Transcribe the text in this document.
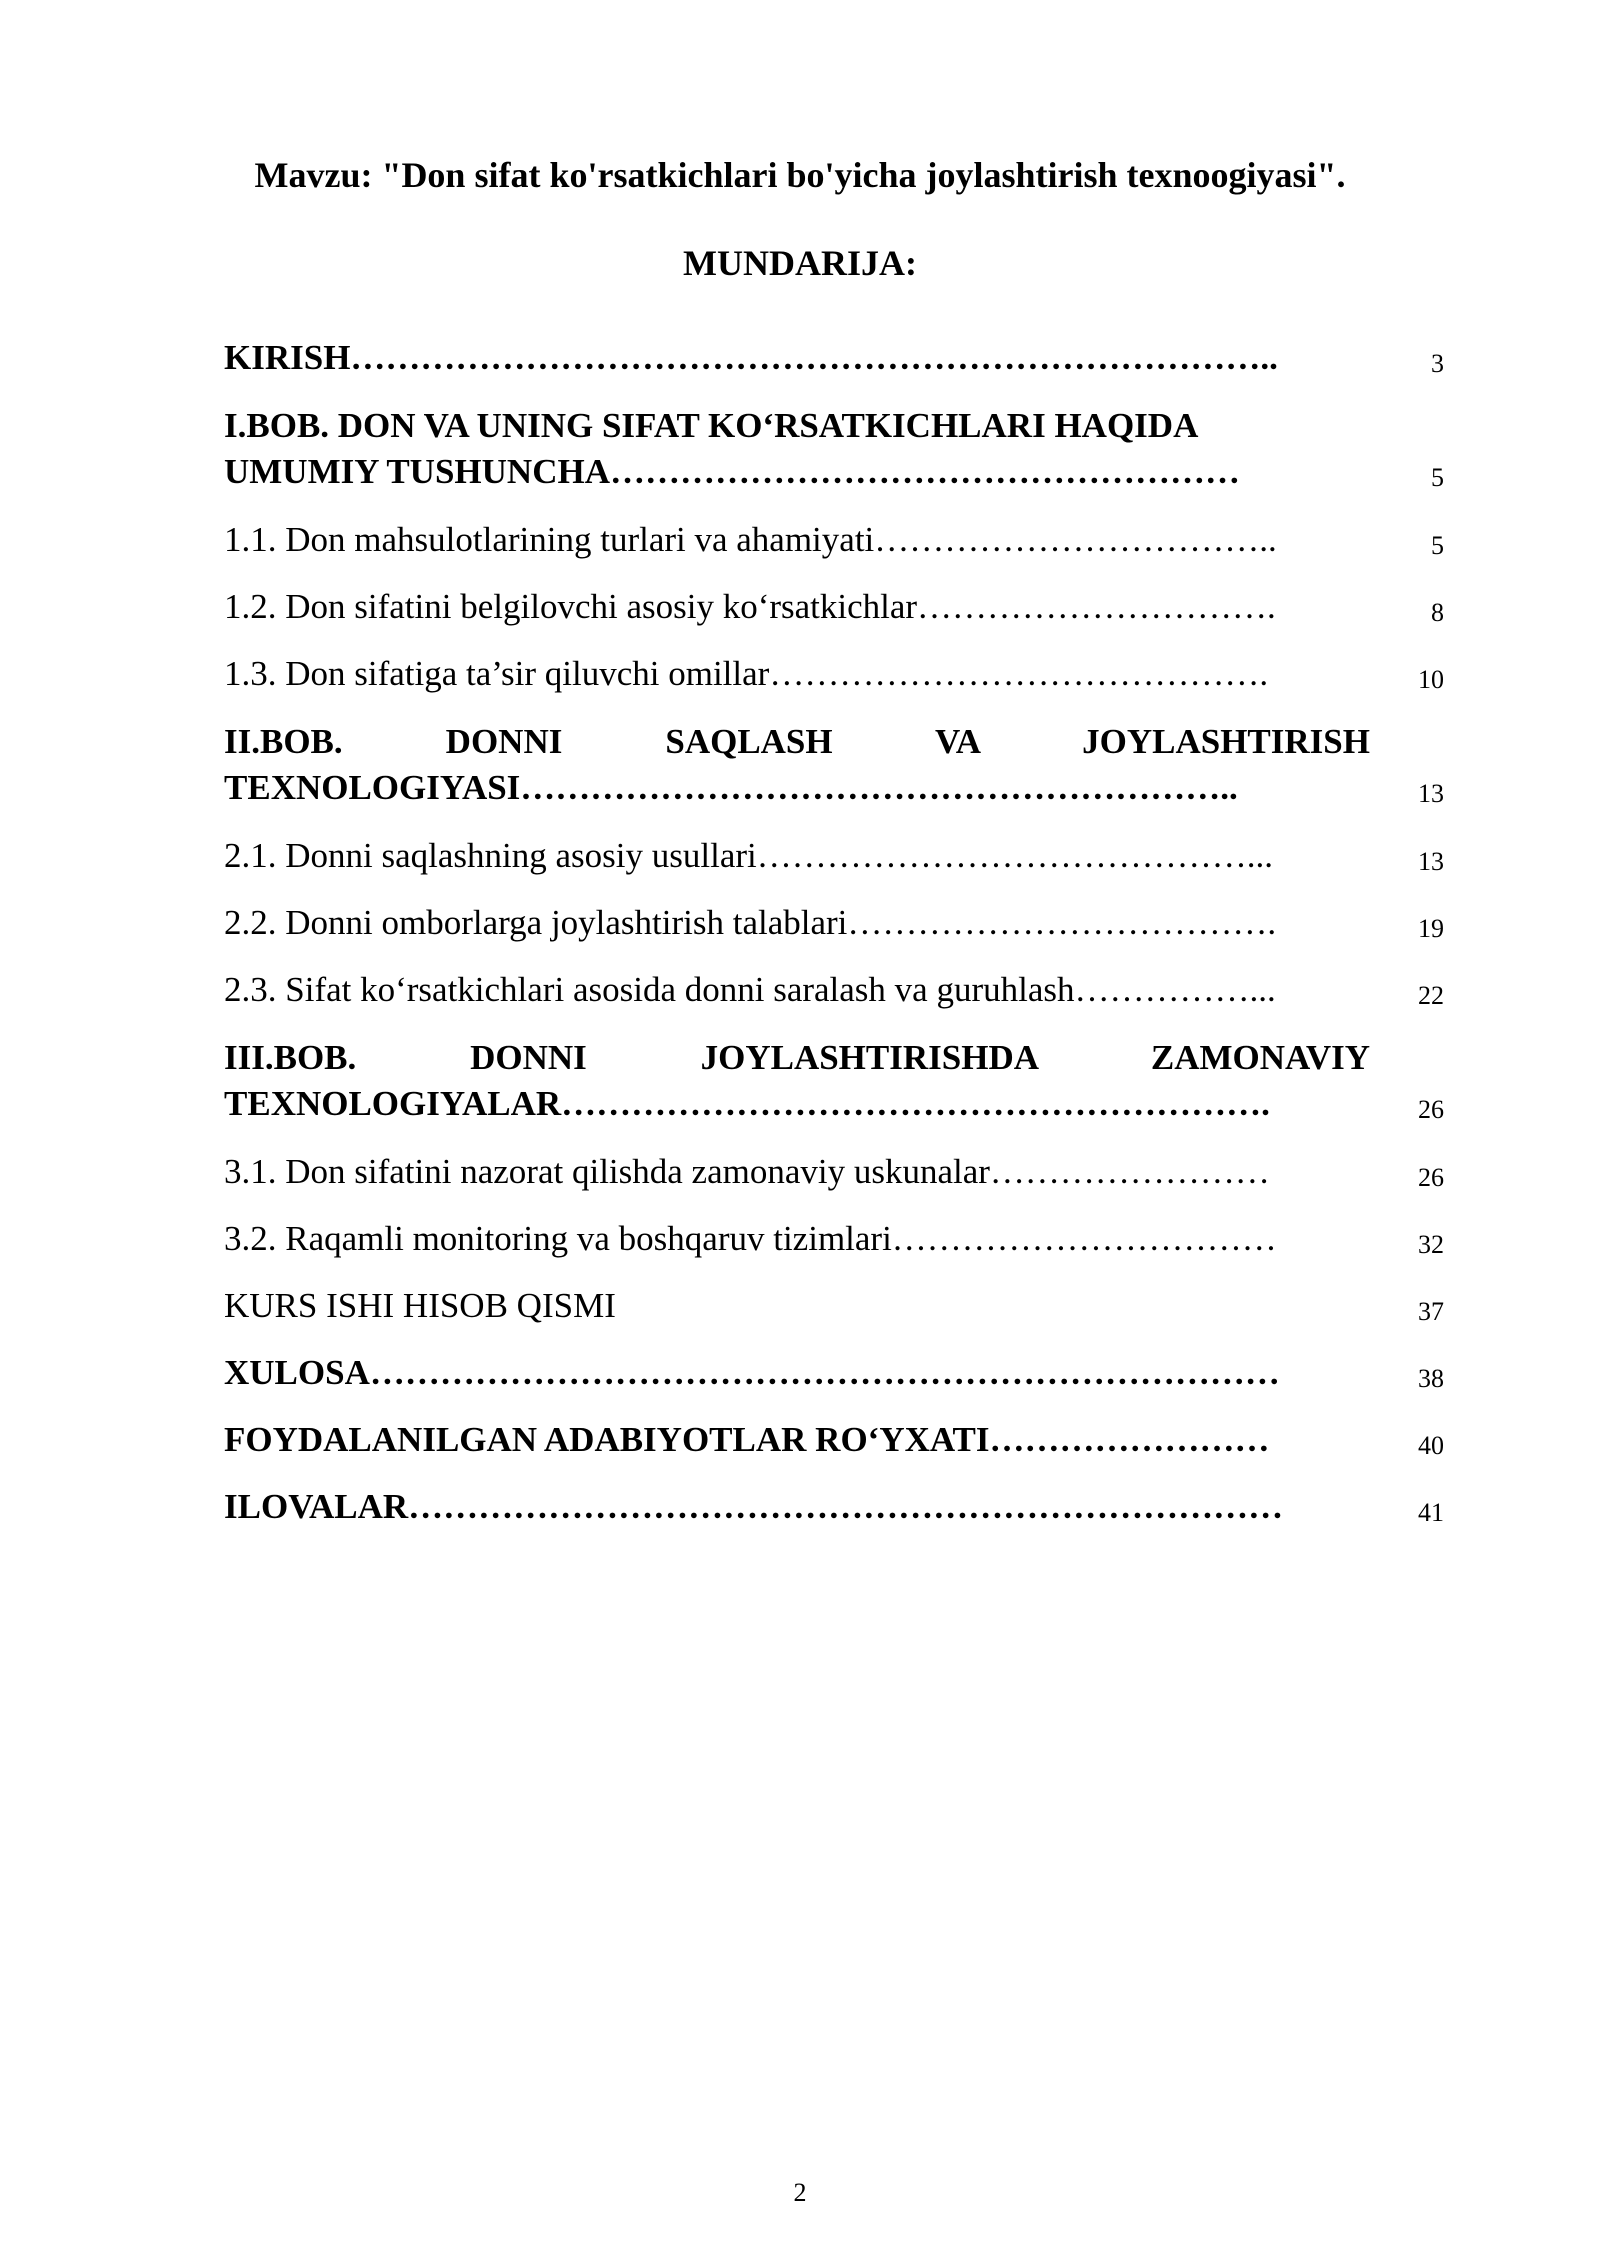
Mavzu: "Don sifat ko'rsatkichlari bo'yicha joylashtirish texnoogiyasi".
MUNDARIJA:
KIRISH……………………………………………………………………..	3
I.BOB. DON VA UNING SIFAT KO‘RSATKICHLARI HAQIDA
UMUMIY TUSHUNCHA………………………………………………	5
1.1. Don mahsulotlarining turlari va ahamiyati……………………………..	5
1.2. Don sifatini belgilovchi asosiy ko‘rsatkichlar………………………….	8
1.3. Don sifatiga ta’sir qiluvchi omillar…………………………………….	10
II.BOB. DONNI SAQLASH VA JOYLASHTIRISH
TEXNOLOGIYASI……………………………………………………..	13
2.1. Donni saqlashning asosiy usullari……………………………………...	13
2.2. Donni omborlarga joylashtirish talablari……………………………….	19
2.3. Sifat ko‘rsatkichlari asosida donni saralash va guruhlash……………...	22
III.BOB. DONNI JOYLASHTIRISHDA ZAMONAVIY
TEXNOLOGIYALAR…………………………………………………….	26
3.1. Don sifatini nazorat qilishda zamonaviy uskunalar……………………	26
3.2. Raqamli monitoring va boshqaruv tizimlari……………………………	32
KURS ISHI HISOB QISMI	37
XULOSA……………………………………………………………………	38
FOYDALANILGAN ADABIYOTLAR RO‘YXATI……………………	40
ILOVALAR…………………………………………………………………	41
2
